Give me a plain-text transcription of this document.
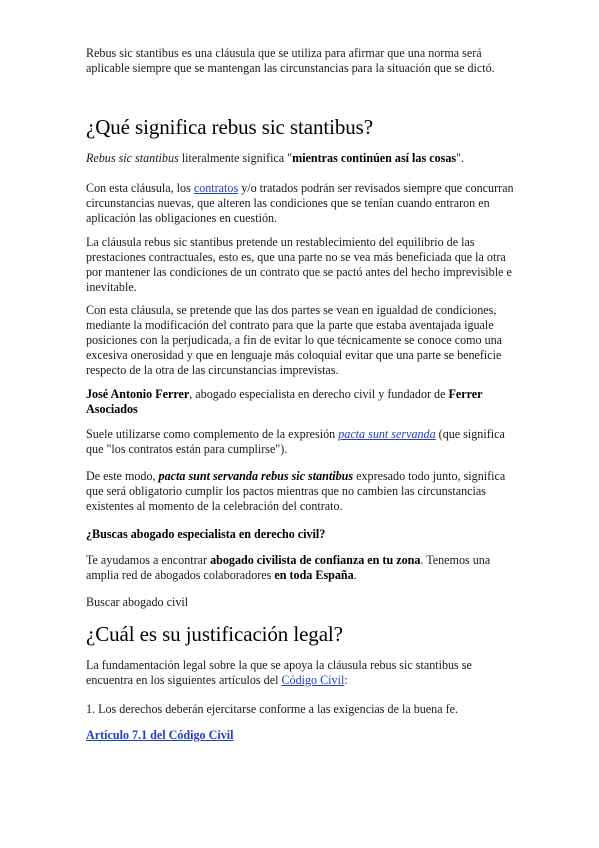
Rebus sic stantibus es una cláusula que se utiliza para afirmar que una norma será aplicable siempre que se mantengan las circunstancias para la situación que se dictó.

¿Qué significa rebus sic stantibus?

Rebus sic stantibus literalmente significa "mientras continúen así las cosas".

Con esta cláusula, los contratos y/o tratados podrán ser revisados siempre que concurran circunstancias nuevas, que alteren las condiciones que se tenían cuando entraron en aplicación las obligaciones en cuestión.

La cláusula rebus sic stantibus pretende un restablecimiento del equilibrio de las prestaciones contractuales, esto es, que una parte no se vea más beneficiada que la otra por mantener las condiciones de un contrato que se pactó antes del hecho imprevisible e inevitable.

Con esta cláusula, se pretende que las dos partes se vean en igualdad de condiciones, mediante la modificación del contrato para que la parte que estaba aventajada iguale posiciones con la perjudicada, a fin de evitar lo que técnicamente se conoce como una excesiva onerosidad y que en lenguaje más coloquial evitar que una parte se beneficie respecto de la otra de las circunstancias imprevistas.

José Antonio Ferrer, abogado especialista en derecho civil y fundador de Ferrer Asociados

Suele utilizarse como complemento de la expresión pacta sunt servanda (que significa que "los contratos están para cumplirse").

De este modo, pacta sunt servanda rebus sic stantibus expresado todo junto, significa que será obligatorio cumplir los pactos mientras que no cambien las circunstancias existentes al momento de la celebración del contrato.

¿Buscas abogado especialista en derecho civil?

Te ayudamos a encontrar abogado civilista de confianza en tu zona. Tenemos una amplia red de abogados colaboradores en toda España.

Buscar abogado civil

¿Cuál es su justificación legal?

La fundamentación legal sobre la que se apoya la cláusula rebus sic stantibus se encuentra en los siguientes artículos del Código Civil:

1. Los derechos deberán ejercitarse conforme a las exigencias de la buena fe.

Artículo 7.1 del Código Civil
